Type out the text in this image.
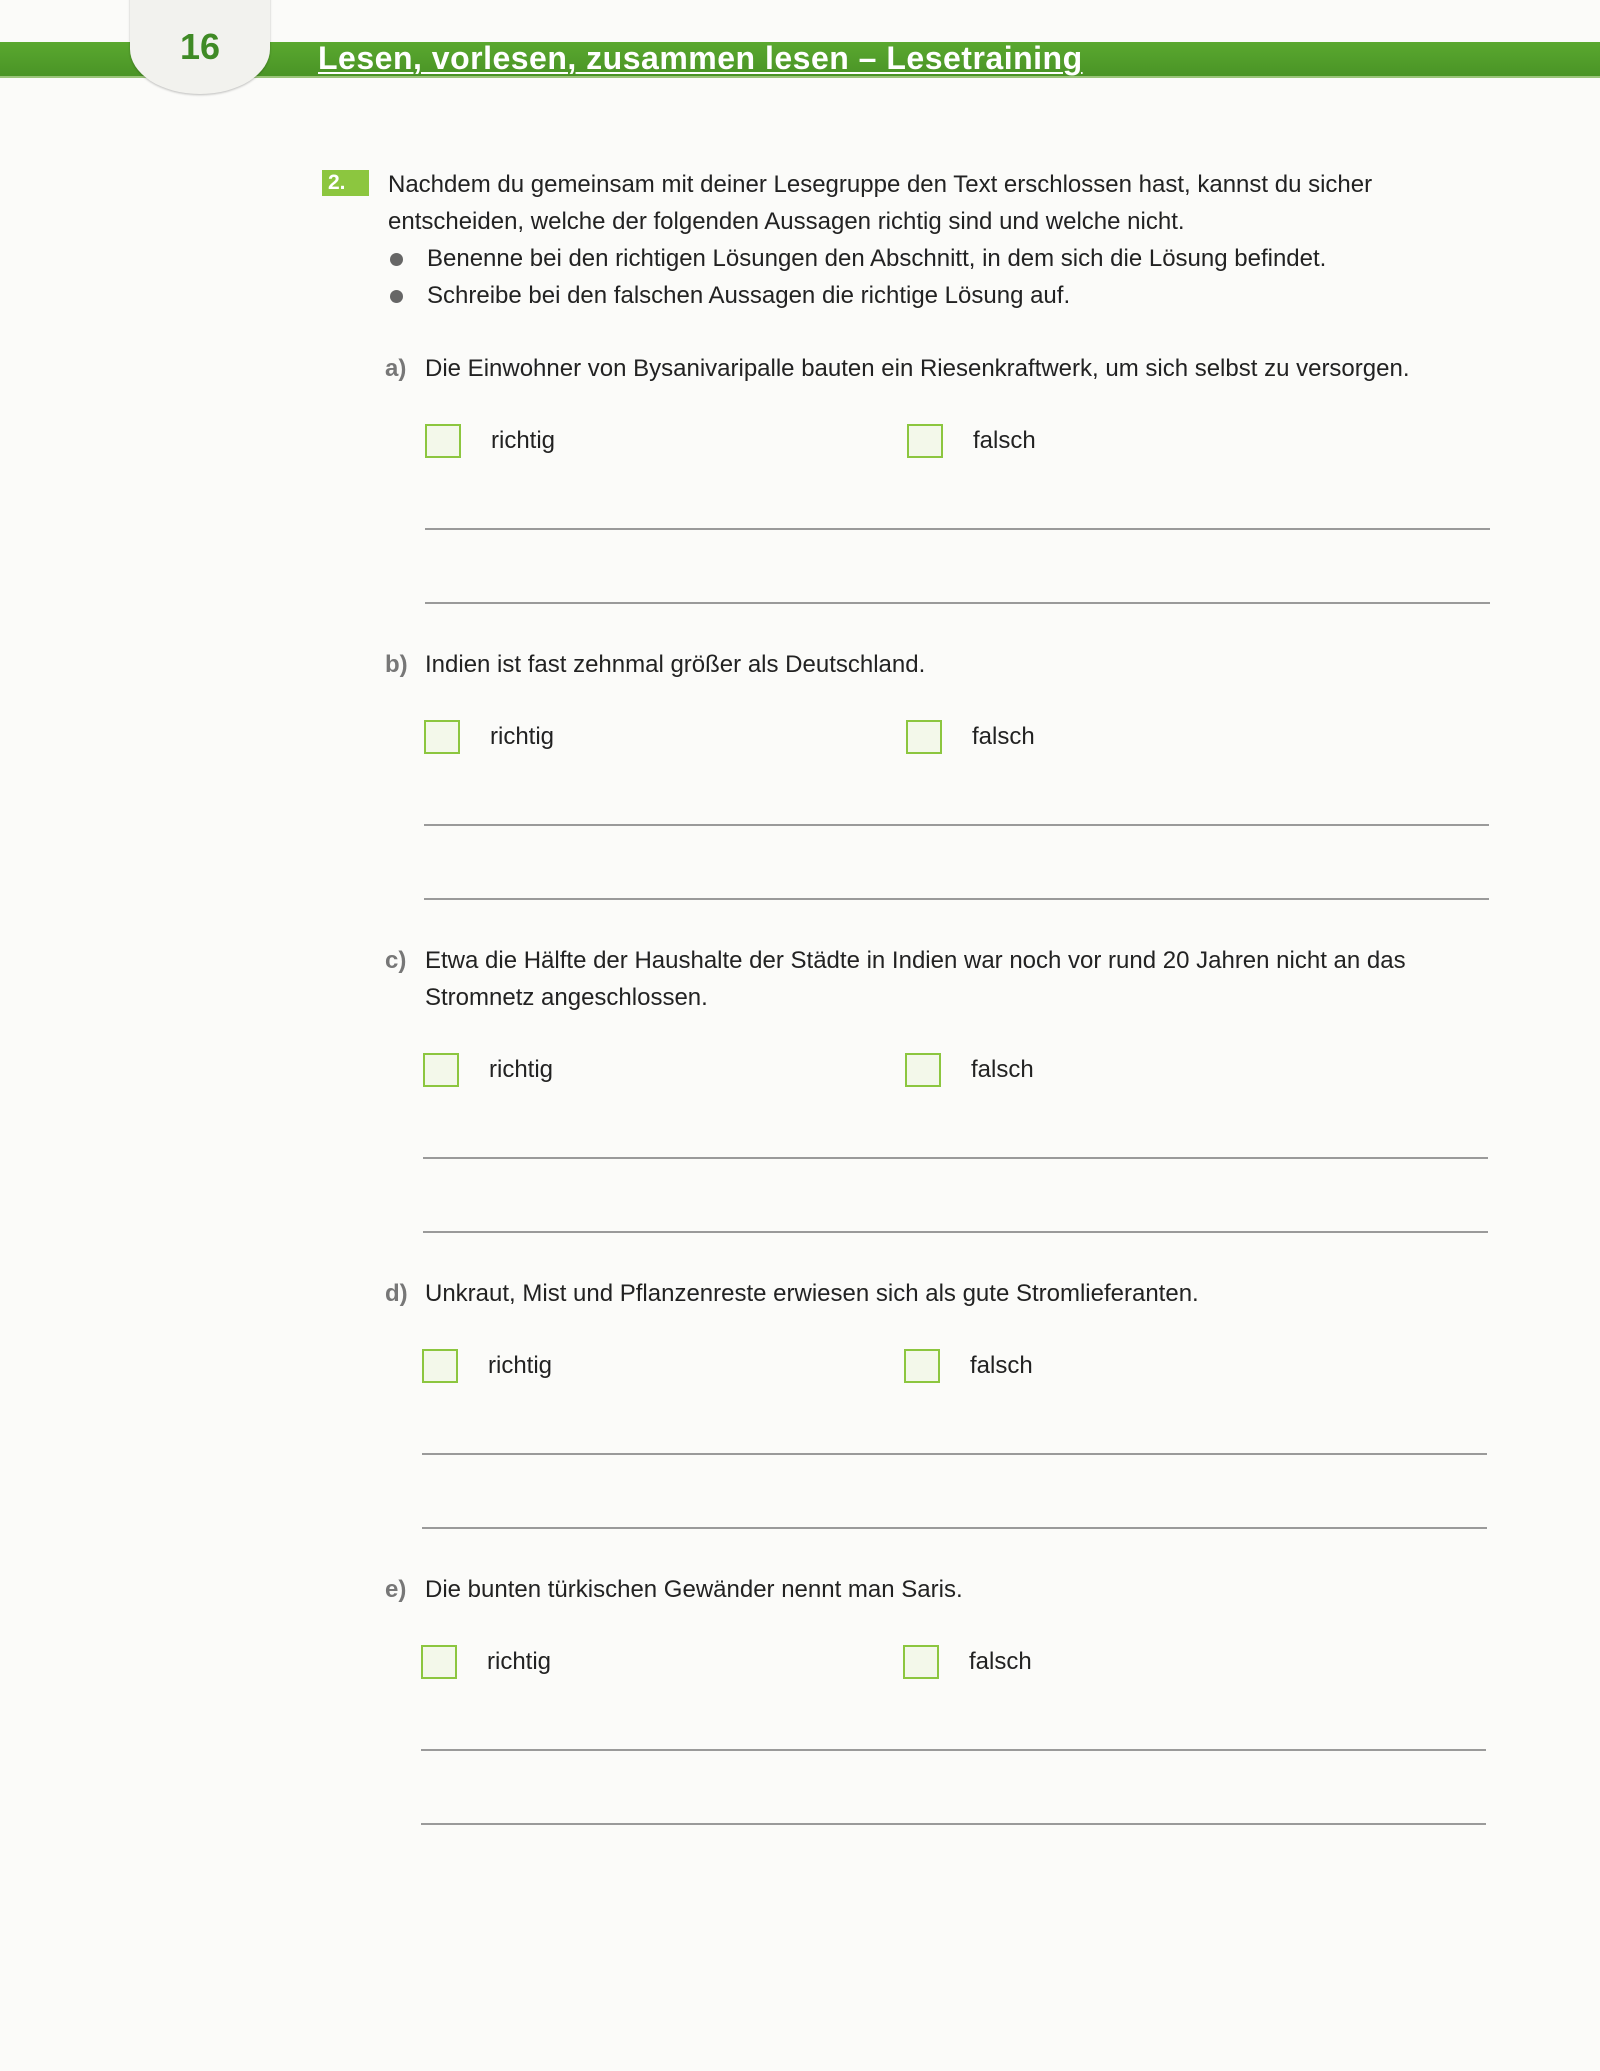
16	Lesen, vorlesen, zusammen lesen – Lesetraining
2.	Nachdem du gemeinsam mit deiner Lesegruppe den Text erschlossen hast, kannst du sicher entscheiden, welche der folgenden Aussagen richtig sind und welche nicht.
Benenne bei den richtigen Lösungen den Abschnitt, in dem sich die Lösung befindet.
Schreibe bei den falschen Aussagen die richtige Lösung auf.
a) Die Einwohner von Bysanivaripalle bauten ein Riesenkraftwerk, um sich selbst zu versorgen.
richtig	falsch
b) Indien ist fast zehnmal größer als Deutschland.
richtig	falsch
c) Etwa die Hälfte der Haushalte der Städte in Indien war noch vor rund 20 Jahren nicht an das Stromnetz angeschlossen.
richtig	falsch
d) Unkraut, Mist und Pflanzenreste erwiesen sich als gute Stromlieferanten.
richtig	falsch
e) Die bunten türkischen Gewänder nennt man Saris.
richtig	falsch
